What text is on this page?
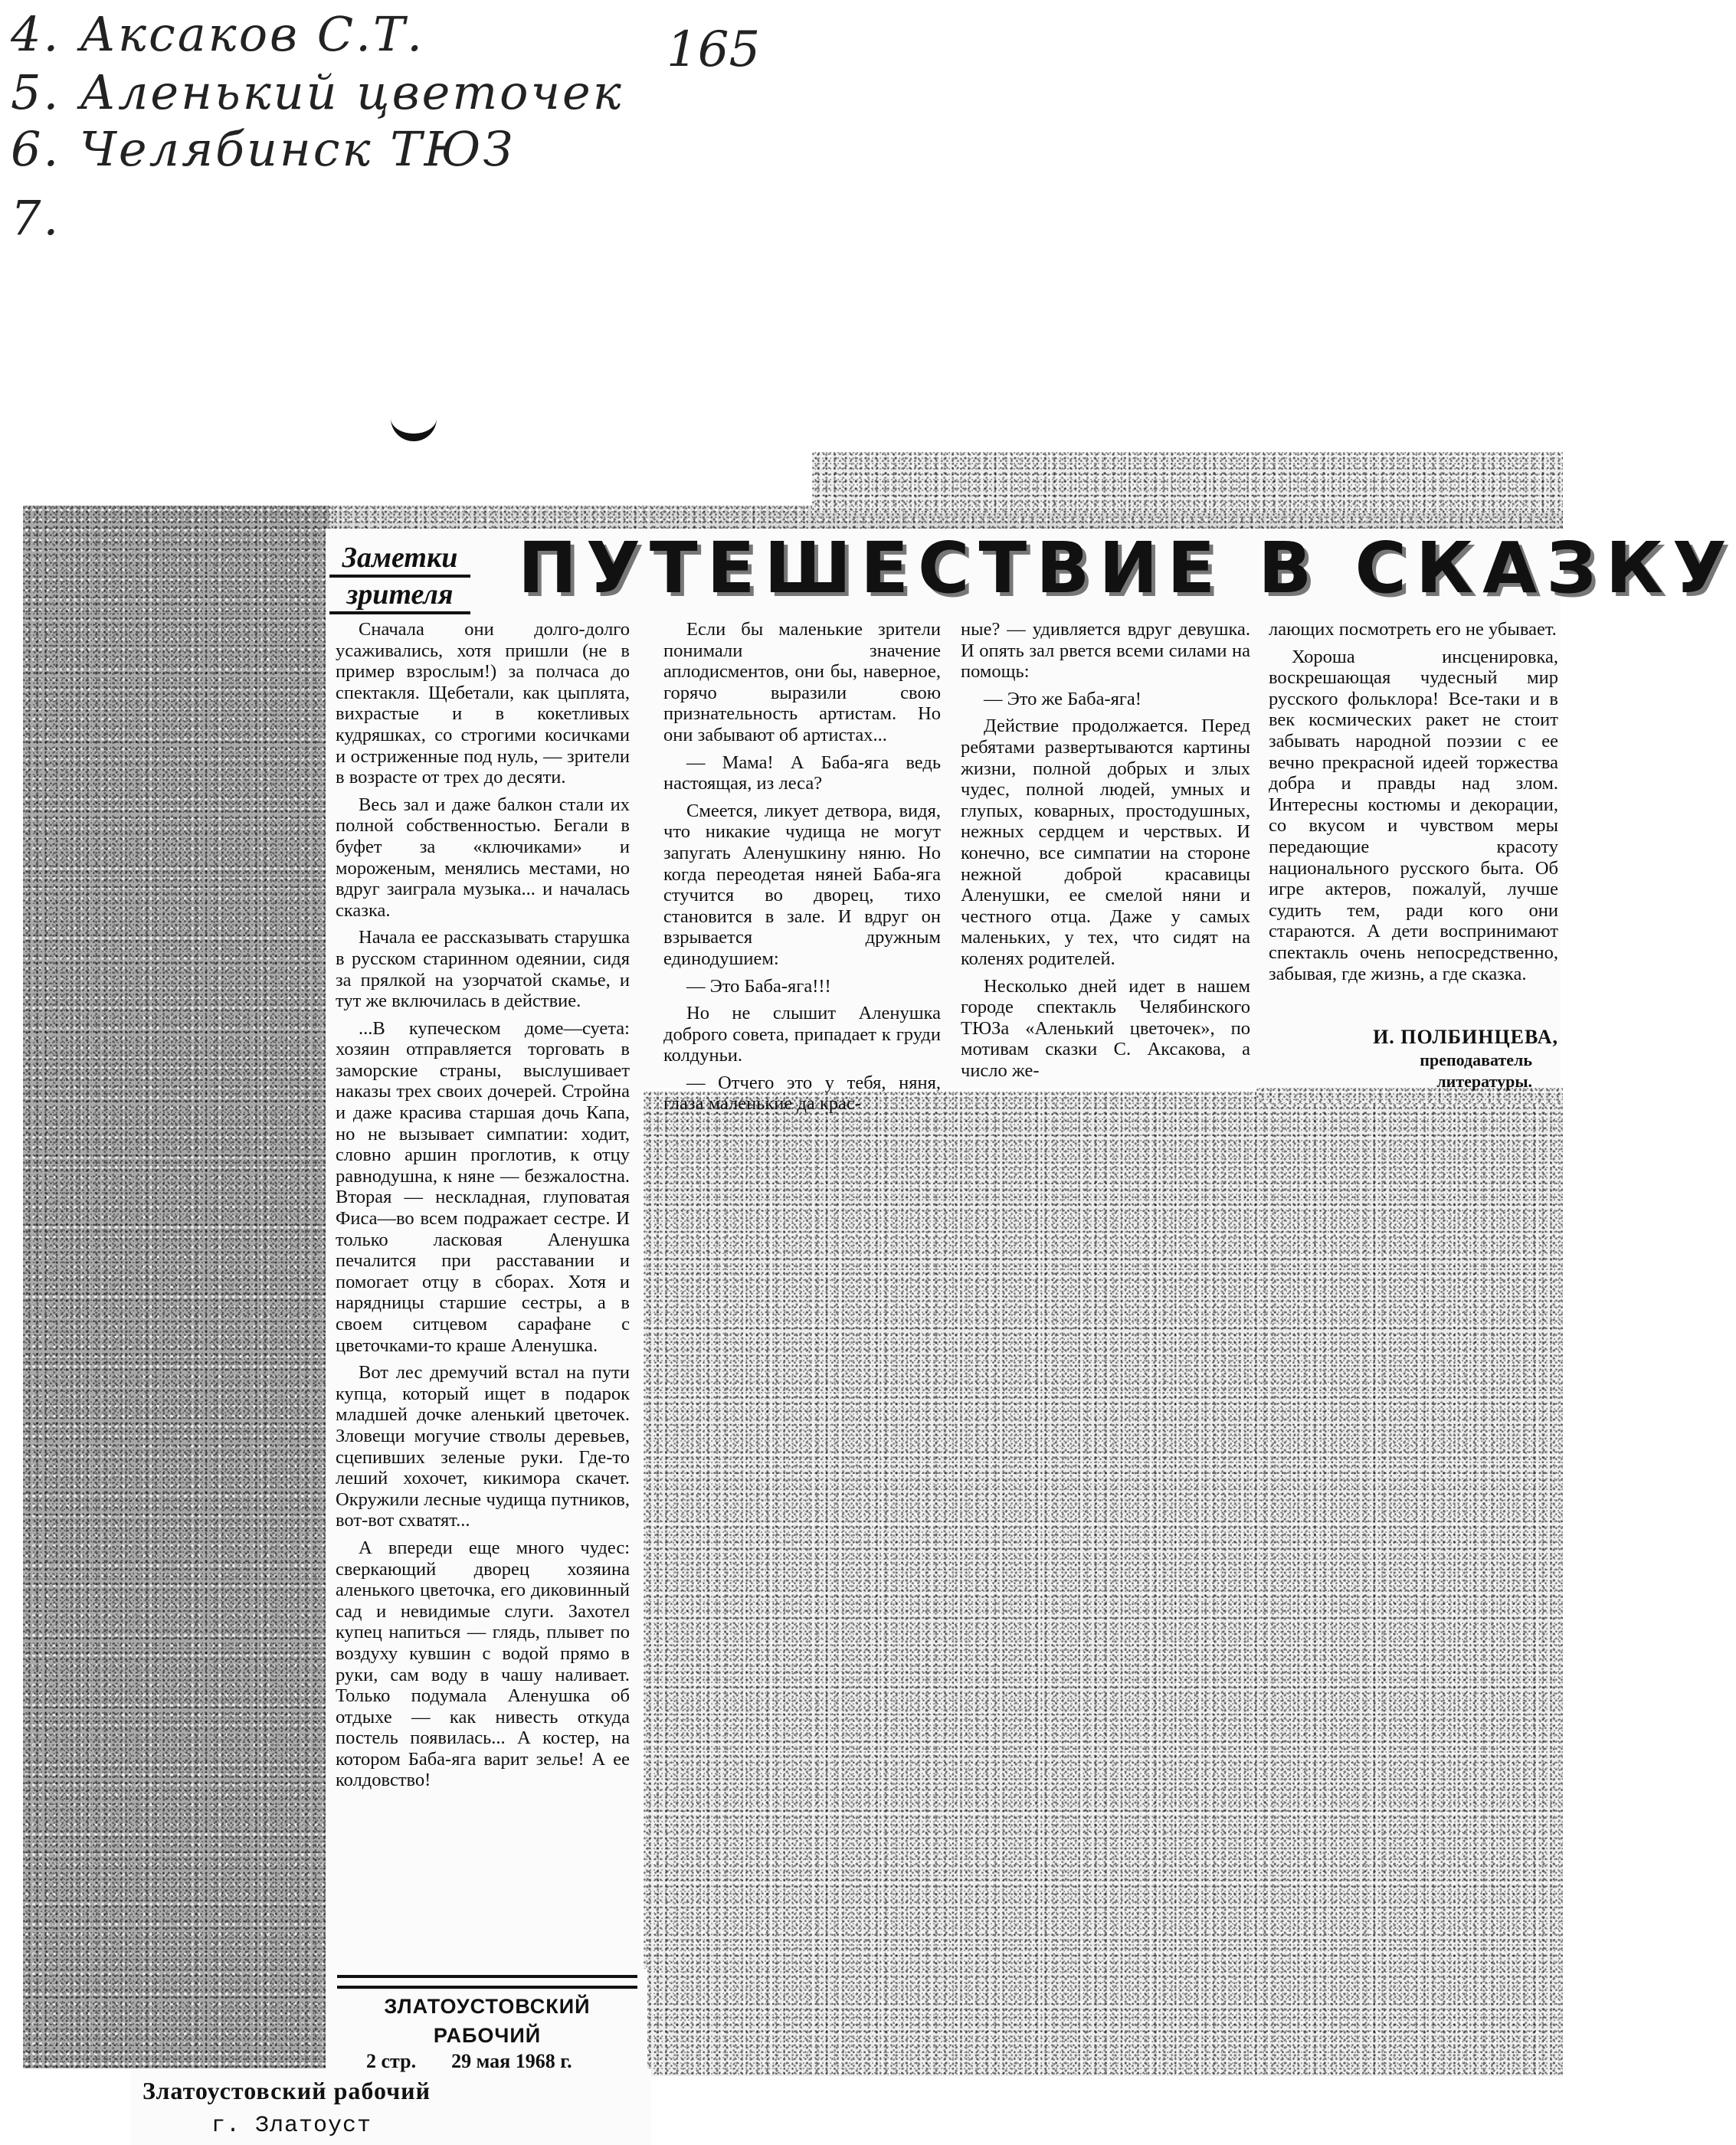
4. Аксаков С.Т.
5. Аленький цветочек
6. Челябинск ТЮЗ
7.
165
Заметки
зрителя ПУТЕШЕСТВИЕ В СКАЗКУ

Сначала они долго-долго усаживались, хотя пришли (не в пример взрослым!) за полчаса до спектакля. Щебетали, как цыплята, вихрастые и в кокетливых кудряшках, со строгими косичками и остриженные под нуль, — зрители в возрасте от трех до десяти.

Весь зал и даже балкон стали их полной собственностью. Бегали в буфет за «ключиками» и мороженым, менялись местами, но вдруг заиграла музыка... и началась сказка.

Начала ее рассказывать старушка в русском старинном одеянии, сидя за прялкой на узорчатой скамье, и тут же включилась в действие.

...В купеческом доме—суета: хозяин отправляется торговать в заморские страны, выслушивает наказы трех своих дочерей. Стройна и даже красива старшая дочь Капа, но не вызывает симпатии: ходит, словно аршин проглотив, к отцу равнодушна, к няне — безжалостна. Вторая — нескладная, глуповатая Фиса—во всем подражает сестре. И только ласковая Аленушка печалится при расставании и помогает отцу в сборах. Хотя и нарядницы старшие сестры, а в своем ситцевом сарафане с цветочками-то краше Аленушка.

Вот лес дремучий встал на пути купца, который ищет в подарок младшей дочке аленький цветочек. Зловещи могучие стволы деревьев, сцепивших зеленые руки. Где-то леший хохочет, кикимора скачет. Окружили лесные чудища путников, вот-вот схватят...

А впереди еще много чудес: сверкающий дворец хозяина аленького цветочка, его диковинный сад и невидимые слуги. Захотел купец напиться — глядь, плывет по воздуху кувшин с водой прямо в руки, сам воду в чашу наливает. Только подумала Аленушка об отдыхе — как нивесть откуда постель появилась... А костер, на котором Баба-яга варит зелье! А ее колдовство!

Если бы маленькие зрители понимали значение аплодисментов, они бы, наверное, горячо выразили свою признательность артистам. Но они забывают об артистах...

— Мама! А Баба-яга ведь настоящая, из леса?

Смеется, ликует детвора, видя, что никакие чудища не могут запугать Аленушкину няню. Но когда переодетая няней Баба-яга стучится во дворец, тихо становится в зале. И вдруг он взрывается дружным единодушием:

— Это Баба-яга!!!

Но не слышит Аленушка доброго совета, припадает к груди колдуньи.

— Отчего это у тебя, няня, глаза маленькие да крас-

ные? — удивляется вдруг девушка. И опять зал рвется всеми силами на помощь:

— Это же Баба-яга!

Действие продолжается. Перед ребятами развертываются картины жизни, полной добрых и злых чудес, полной людей, умных и глупых, коварных, простодушных, нежных сердцем и черствых. И конечно, все симпатии на стороне нежной доброй красавицы Аленушки, ее смелой няни и честного отца. Даже у самых маленьких, у тех, что сидят на коленях родителей.

Несколько дней идет в нашем городе спектакль Челябинского ТЮЗа «Аленький цветочек», по мотивам сказки С. Аксакова, а число же-

лающих посмотреть его не убывает.

Хороша инсценировка, воскрешающая чудесный мир русского фольклора! Все-таки и в век космических ракет не стоит забывать народной поэзии с ее вечно прекрасной идеей торжества добра и правды над злом. Интересны костюмы и декорации, со вкусом и чувством меры передающие красоту национального русского быта. Об игре актеров, пожалуй, лучше судить тем, ради кого они стараются. А дети воспринимают спектакль очень непосредственно, забывая, где жизнь, а где сказка.

И. ПОЛБИНЦЕВА,
преподаватель
литературы.
ЗЛАТОУСТОВСКИЙ
РАБОЧИЙ
2 стр. 29 мая 1968 г.
Златоустовский рабочий
г. Златоуст
